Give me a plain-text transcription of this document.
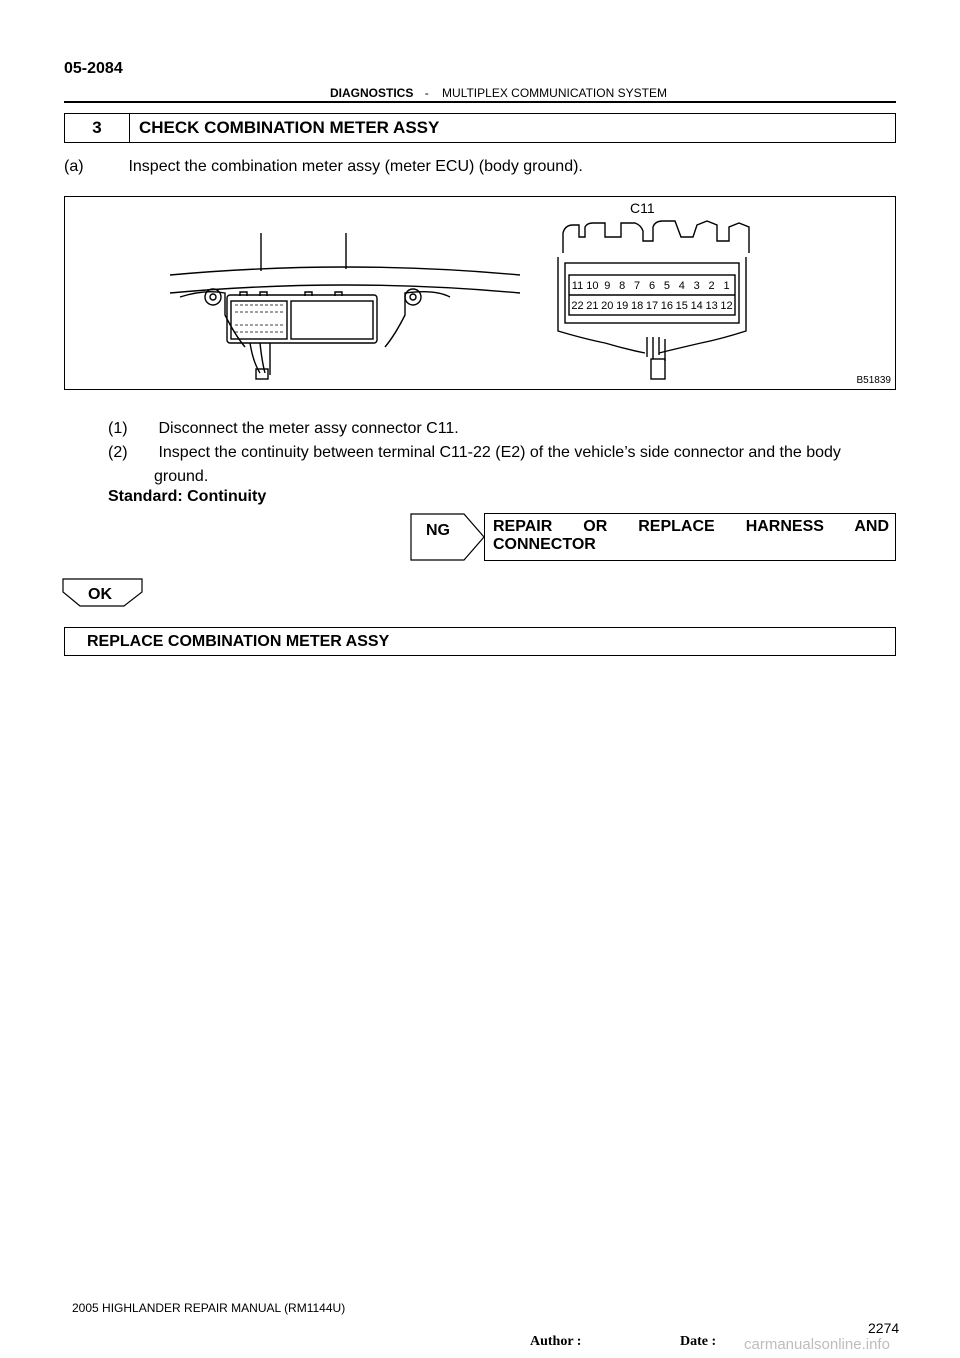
05-2084
DIAGNOSTICS - MULTIPLEX COMMUNICATION SYSTEM
3	CHECK COMBINATION METER ASSY
(a)	Inspect the combination meter assy (meter ECU) (body ground).
11 10 9 8 7 6 5 4 3 2 1
22 21 20 19 18 17 16 15 14 13 12
C11
B51839
(1) Disconnect the meter assy connector C11.
(2) Inspect the continuity between terminal C11-22 (E2) of the vehicle’s side connector and the body
ground.
Standard: Continuity
NG	REPAIR OR REPLACE HARNESS AND
CONNECTOR
OK
REPLACE COMBINATION METER ASSY
2005 HIGHLANDER REPAIR MANUAL (RM1144U)
2274
Author :	Date : carmanualsonline.info
